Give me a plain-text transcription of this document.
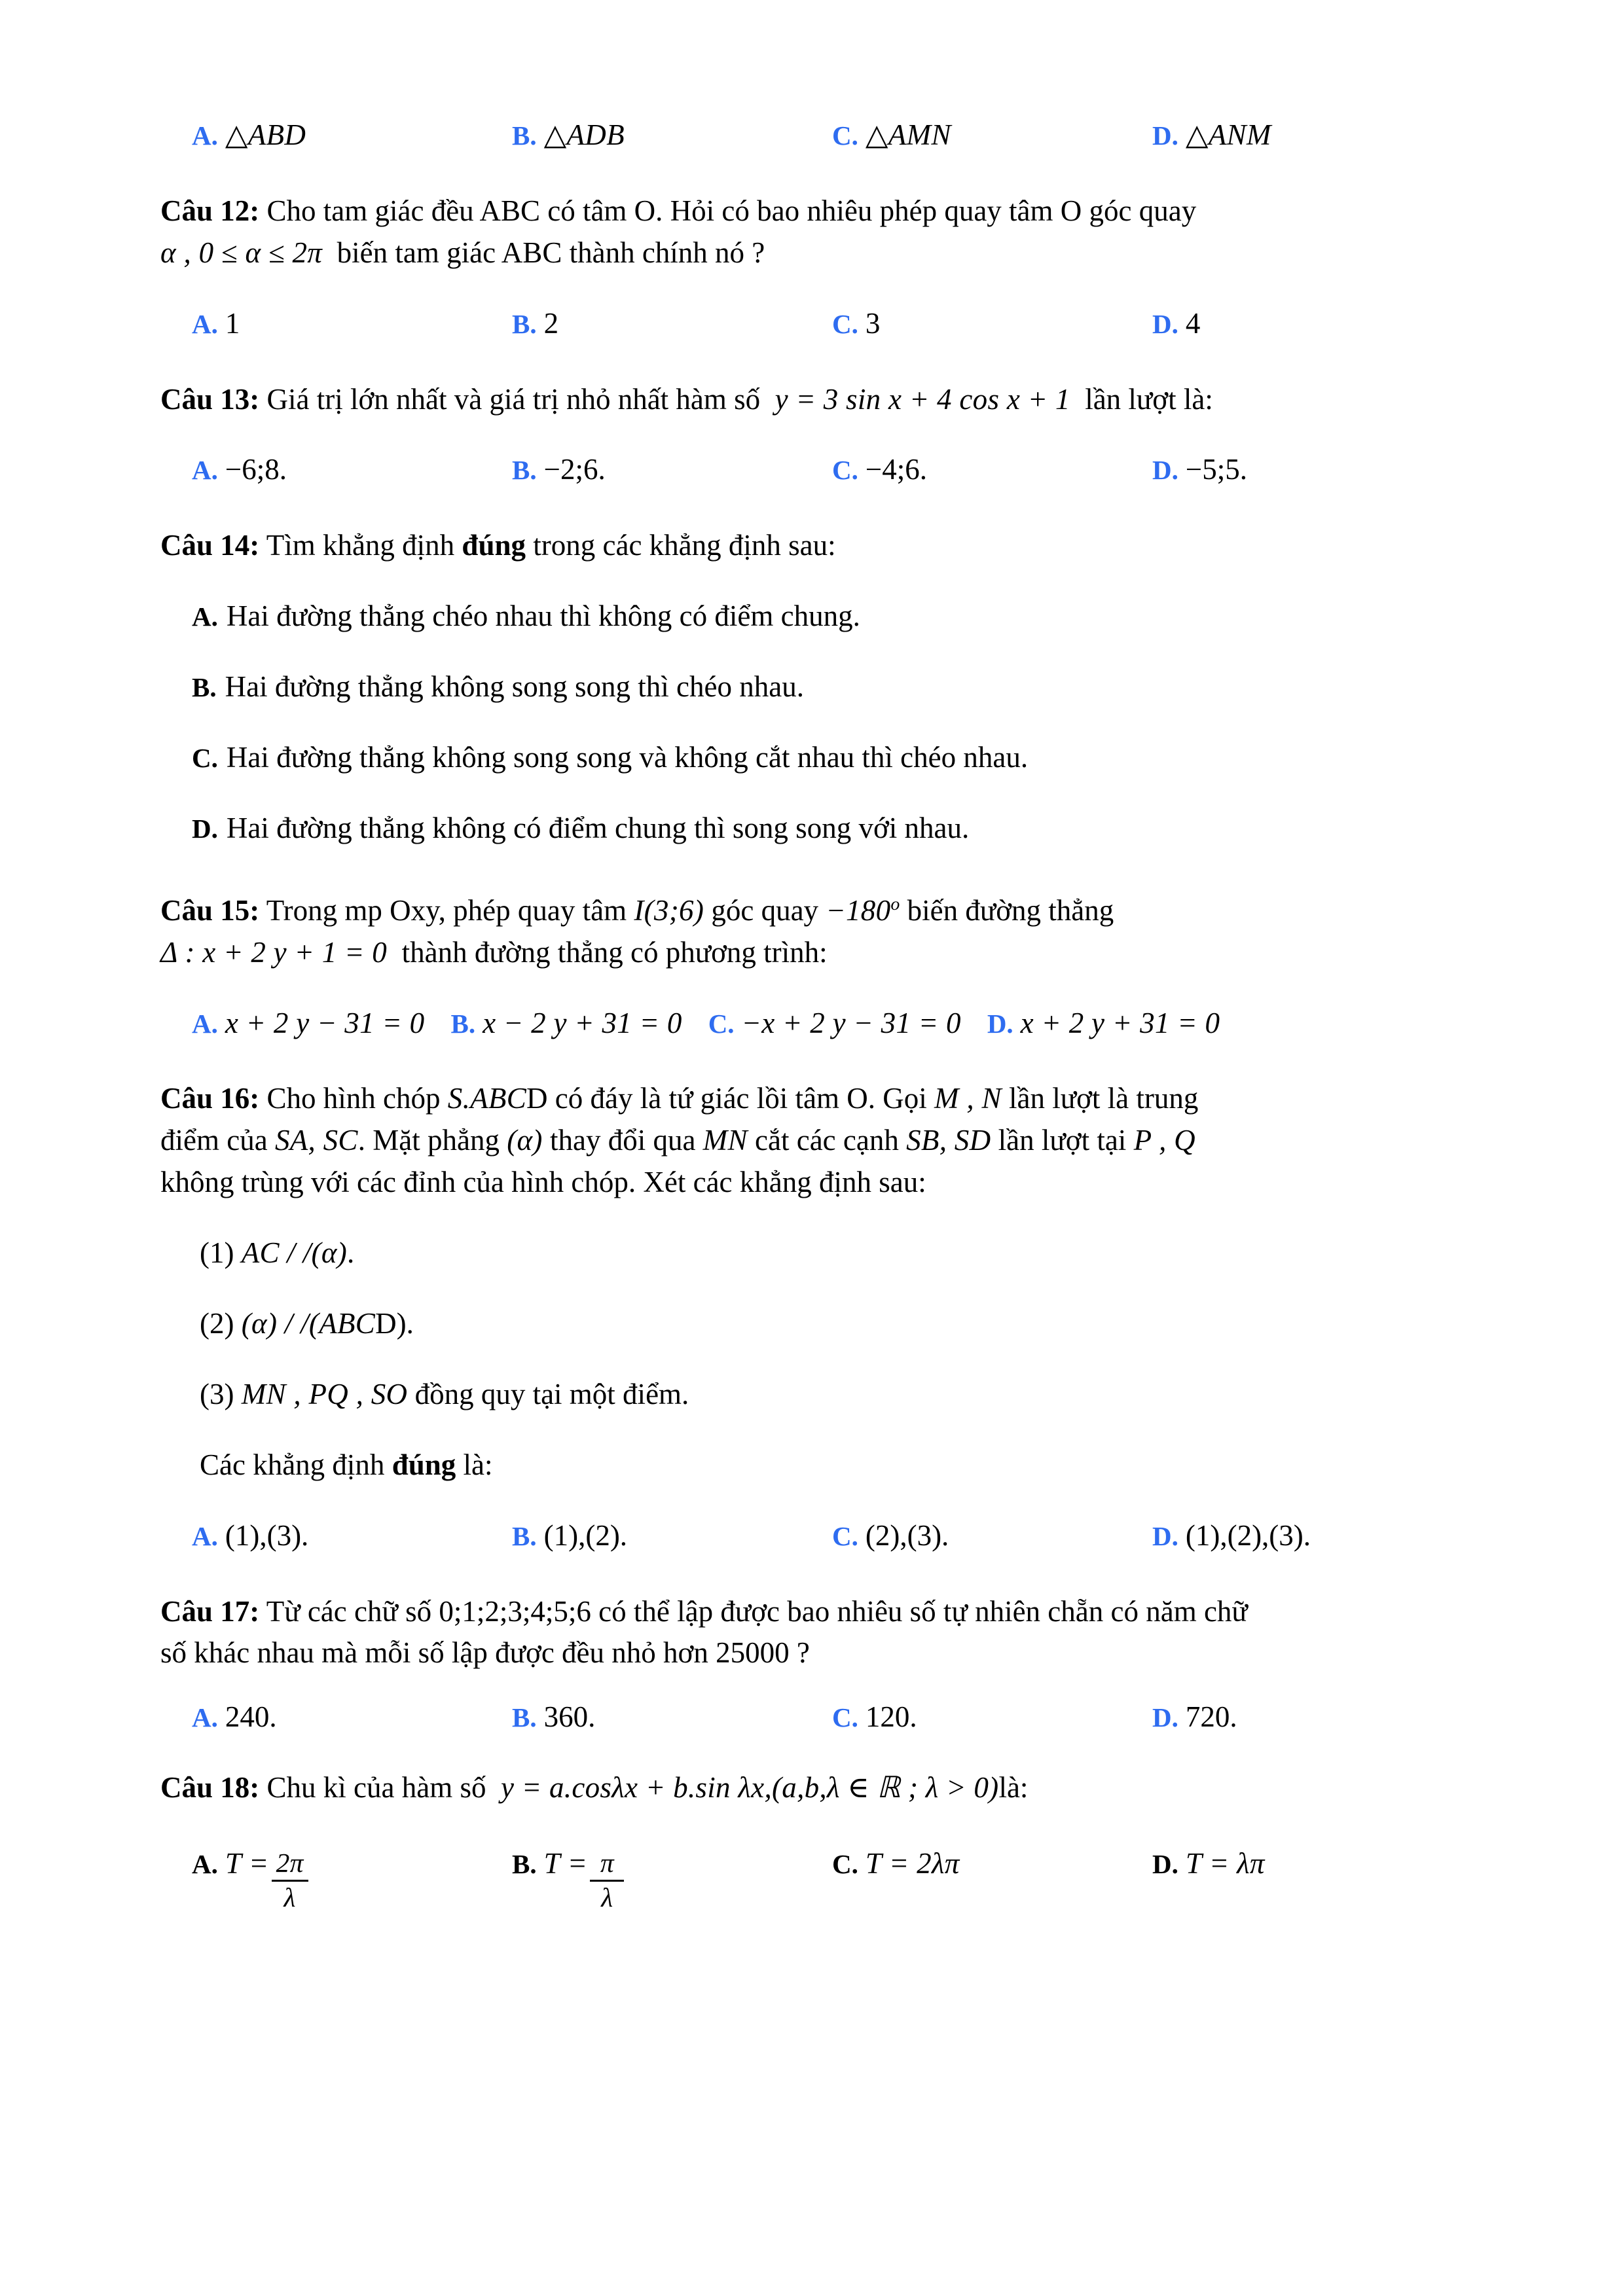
A. △ABD	B. △ADB	C. △AMN	D. △ANM
Câu 12: Cho tam giác đều ABC có tâm O. Hỏi có bao nhiêu phép quay tâm O góc quay
α , 0 ≤ α ≤ 2π biến tam giác ABC thành chính nó ?
A. 1	B. 2	C. 3	D. 4
Câu 13: Giá trị lớn nhất và giá trị nhỏ nhất hàm số y = 3 sin x + 4 cos x + 1 lần lượt là:
A. −6;8.	B. −2;6.	C. −4;6.	D. −5;5.
Câu 14: Tìm khẳng định đúng trong các khẳng định sau:
A. Hai đường thẳng chéo nhau thì không có điểm chung.
B. Hai đường thẳng không song song thì chéo nhau.
C. Hai đường thẳng không song song và không cắt nhau thì chéo nhau.
D. Hai đường thẳng không có điểm chung thì song song với nhau.
Câu 15: Trong mp Oxy, phép quay tâm I(3;6) góc quay $-180^o$ biến đường thẳng
Δ : x + 2 y + 1 = 0 thành đường thẳng có phương trình:
A. x + 2 y − 31 = 0 B. x − 2 y + 31 = 0 C. −x + 2 y − 31 = 0 D. x + 2 y + 31 = 0
Câu 16: Cho hình chóp S.ABCD có đáy là tứ giác lồi tâm O. Gọi M , N lần lượt là trung
điểm của SA, SC. Mặt phẳng (α) thay đổi qua MN cắt các cạnh SB, SD lần lượt tại P , Q
không trùng với các đỉnh của hình chóp. Xét các khẳng định sau:
(1) AC / /(α).
(2) (α) / /(ABCD).
(3) MN , PQ , SO đồng quy tại một điểm.
Các khẳng định đúng là:
A. (1),(3).	B. (1),(2).	C. (2),(3).	D. (1),(2),(3).
Câu 17: Từ các chữ số 0;1;2;3;4;5;6 có thể lập được bao nhiêu số tự nhiên chẵn có năm chữ
số khác nhau mà mỗi số lập được đều nhỏ hơn 25000 ?
A. 240.	B. 360.	C. 120.	D. 720.
Câu 18: Chu kì của hàm số y = a.cosλx + b.sin λx,(a,b,λ ∈ ℝ ; λ > 0)là:
A. $T = \frac{2\pi}{\lambda}$	B. $T = \frac{\pi}{\lambda}$	C. T = 2λπ	D. T = λπ
